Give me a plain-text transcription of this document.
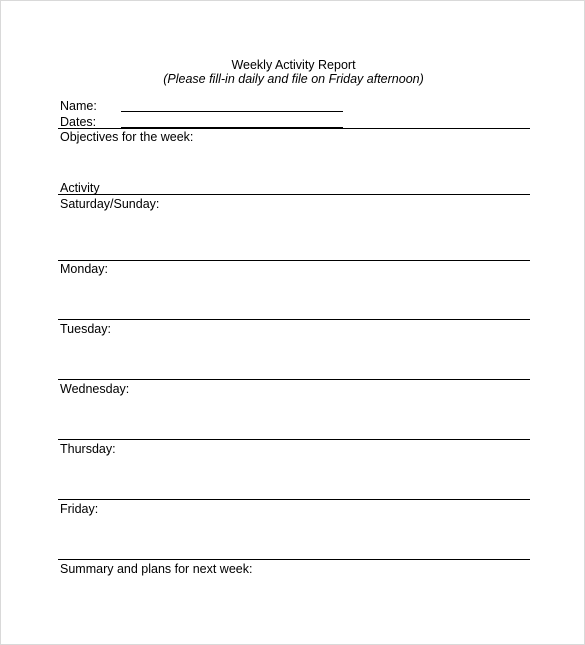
Weekly Activity Report
(Please fill-in daily and file on Friday afternoon)
Name:
Dates:
Objectives for the week:
Activity
Saturday/Sunday:
Monday:
Tuesday:
Wednesday:
Thursday:
Friday:
Summary and plans for next week:
